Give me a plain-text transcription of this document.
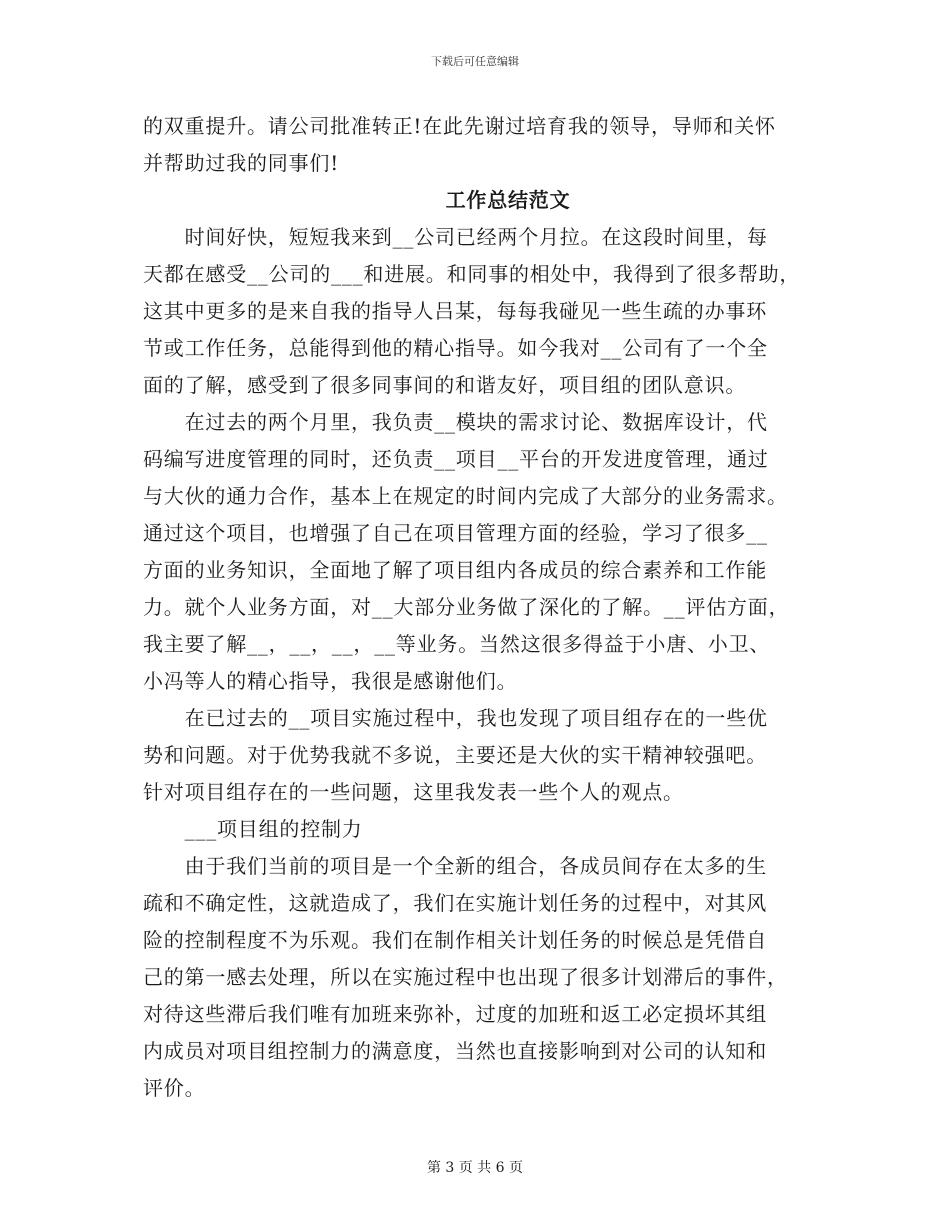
下载后可任意编辑
的双重提升。请公司批准转正!在此先谢过培育我的领导，导师和关怀
并帮助过我的同事们!
工作总结范文
　　时间好快，短短我来到__公司已经两个月拉。在这段时间里，每
天都在感受__公司的___和进展。和同事的相处中，我得到了很多帮助，
这其中更多的是来自我的指导人吕某，每每我碰见一些生疏的办事环
节或工作任务，总能得到他的精心指导。如今我对__公司有了一个全
面的了解，感受到了很多同事间的和谐友好，项目组的团队意识。
　　在过去的两个月里，我负责__模块的需求讨论、数据库设计，代
码编写进度管理的同时，还负责__项目__平台的开发进度管理，通过
与大伙的通力合作，基本上在规定的时间内完成了大部分的业务需求。
通过这个项目，也增强了自己在项目管理方面的经验，学习了很多__
方面的业务知识，全面地了解了项目组内各成员的综合素养和工作能
力。就个人业务方面，对__大部分业务做了深化的了解。__评估方面，
我主要了解__，__，__，__等业务。当然这很多得益于小唐、小卫、
小冯等人的精心指导，我很是感谢他们。
　　在已过去的__项目实施过程中，我也发现了项目组存在的一些优
势和问题。对于优势我就不多说，主要还是大伙的实干精神较强吧。
针对项目组存在的一些问题，这里我发表一些个人的观点。
　　___项目组的控制力
　　由于我们当前的项目是一个全新的组合，各成员间存在太多的生
疏和不确定性，这就造成了，我们在实施计划任务的过程中，对其风
险的控制程度不为乐观。我们在制作相关计划任务的时候总是凭借自
己的第一感去处理，所以在实施过程中也出现了很多计划滞后的事件，
对待这些滞后我们唯有加班来弥补，过度的加班和返工必定损坏其组
内成员对项目组控制力的满意度，当然也直接影响到对公司的认知和
评价。
第 3 页 共 6 页
